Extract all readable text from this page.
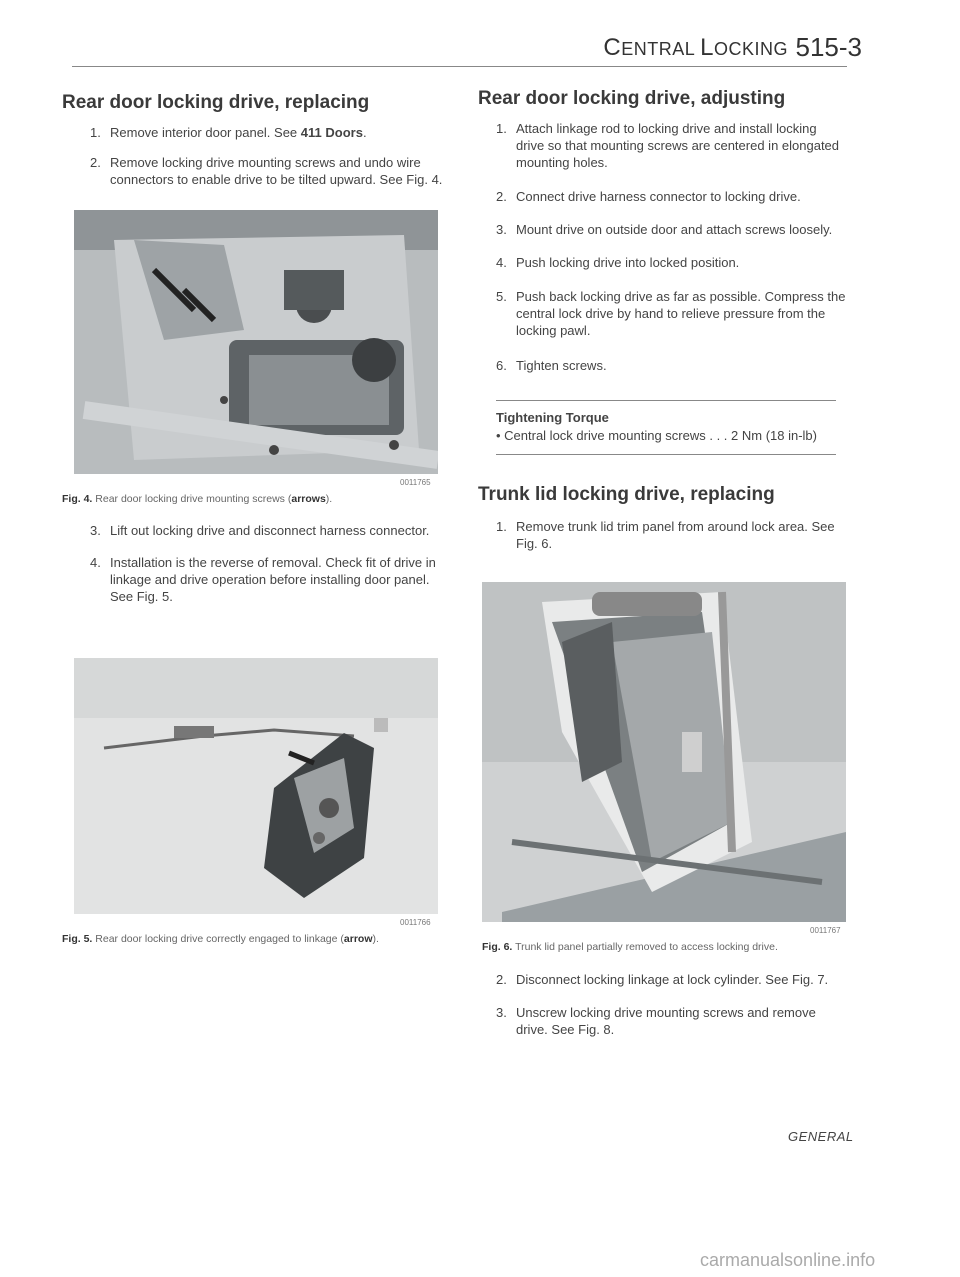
CENTRAL LOCKING 515-3
Rear door locking drive, replacing
1. Remove interior door panel. See 411 Doors.
2. Remove locking drive mounting screws and undo wire connectors to enable drive to be tilted upward. See Fig. 4.
0011765
Fig. 4. Rear door locking drive mounting screws (arrows).
3. Lift out locking drive and disconnect harness connector.
4. Installation is the reverse of removal. Check fit of drive in linkage and drive operation before installing door panel. See Fig. 5.
0011766
Fig. 5. Rear door locking drive correctly engaged to linkage (arrow).
Rear door locking drive, adjusting
1. Attach linkage rod to locking drive and install locking drive so that mounting screws are centered in elongated mounting holes.
2. Connect drive harness connector to locking drive.
3. Mount drive on outside door and attach screws loosely.
4. Push locking drive into locked position.
5. Push back locking drive as far as possible. Compress the central lock drive by hand to relieve pressure from the locking pawl.
6. Tighten screws.
Tightening Torque
• Central lock drive mounting screws . . . 2 Nm (18 in-lb)
Trunk lid locking drive, replacing
1. Remove trunk lid trim panel from around lock area. See Fig. 6.
0011767
Fig. 6. Trunk lid panel partially removed to access locking drive.
2. Disconnect locking linkage at lock cylinder. See Fig. 7.
3. Unscrew locking drive mounting screws and remove drive. See Fig. 8.
GENERAL
carmanualsonline.info
